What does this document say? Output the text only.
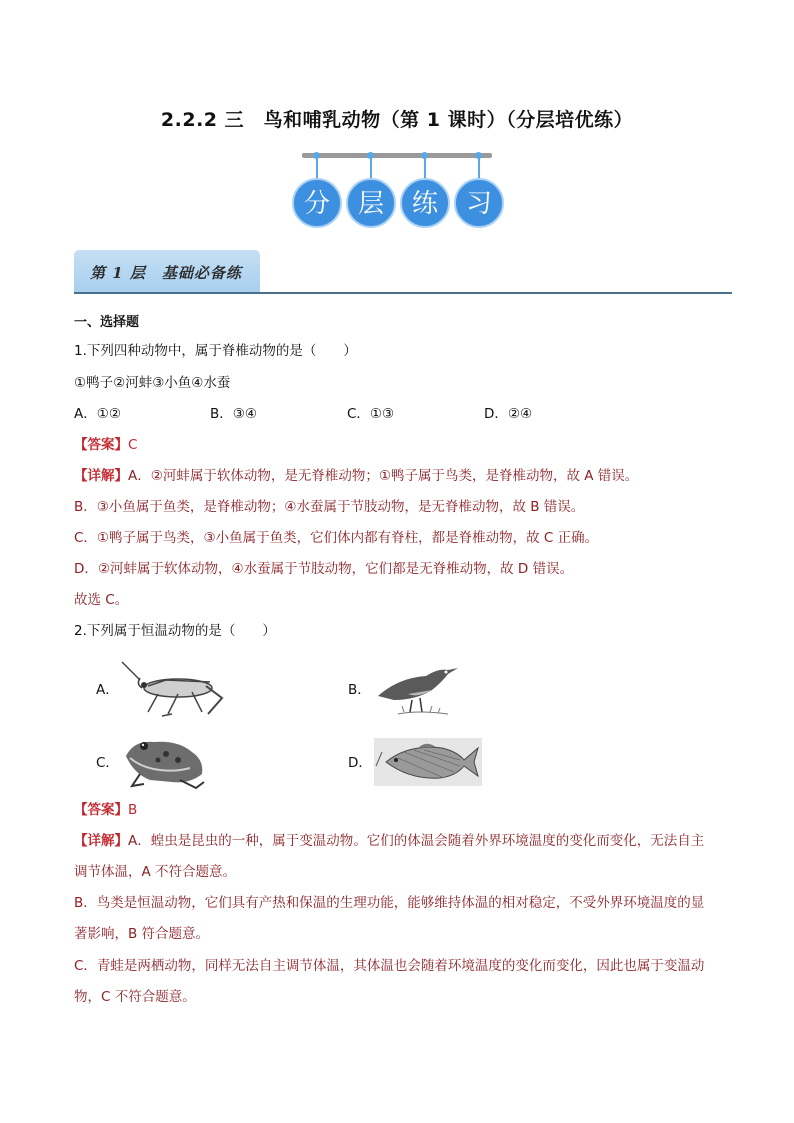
2.2.2 三　鸟和哺乳动物（第 1 课时）（分层培优练）
分	层	练	习
第 1 层　基础必备练
一、选择题
1.下列四种动物中，属于脊椎动物的是（　　）
①鸭子②河蚌③小鱼④水蚕
A．①②	B．③④	C．①③	D．②④
【答案】C
【详解】A．②河蚌属于软体动物，是无脊椎动物；①鸭子属于鸟类，是脊椎动物，故 A 错误。
B．③小鱼属于鱼类，是脊椎动物；④水蚕属于节肢动物，是无脊椎动物，故 B 错误。
C．①鸭子属于鸟类，③小鱼属于鱼类，它们体内都有脊柱，都是脊椎动物，故 C 正确。
D．②河蚌属于软体动物，④水蚕属于节肢动物，它们都是无脊椎动物，故 D 错误。
故选 C。
2.下列属于恒温动物的是（　　）
A．	B．
C．	D．
【答案】B
【详解】A．蝗虫是昆虫的一种，属于变温动物。它们的体温会随着外界环境温度的变化而变化，无法自主
调节体温，A 不符合题意。
B．鸟类是恒温动物，它们具有产热和保温的生理功能，能够维持体温的相对稳定，不受外界环境温度的显
著影响，B 符合题意。
C．青蛙是两栖动物，同样无法自主调节体温，其体温也会随着环境温度的变化而变化，因此也属于变温动
物，C 不符合题意。
